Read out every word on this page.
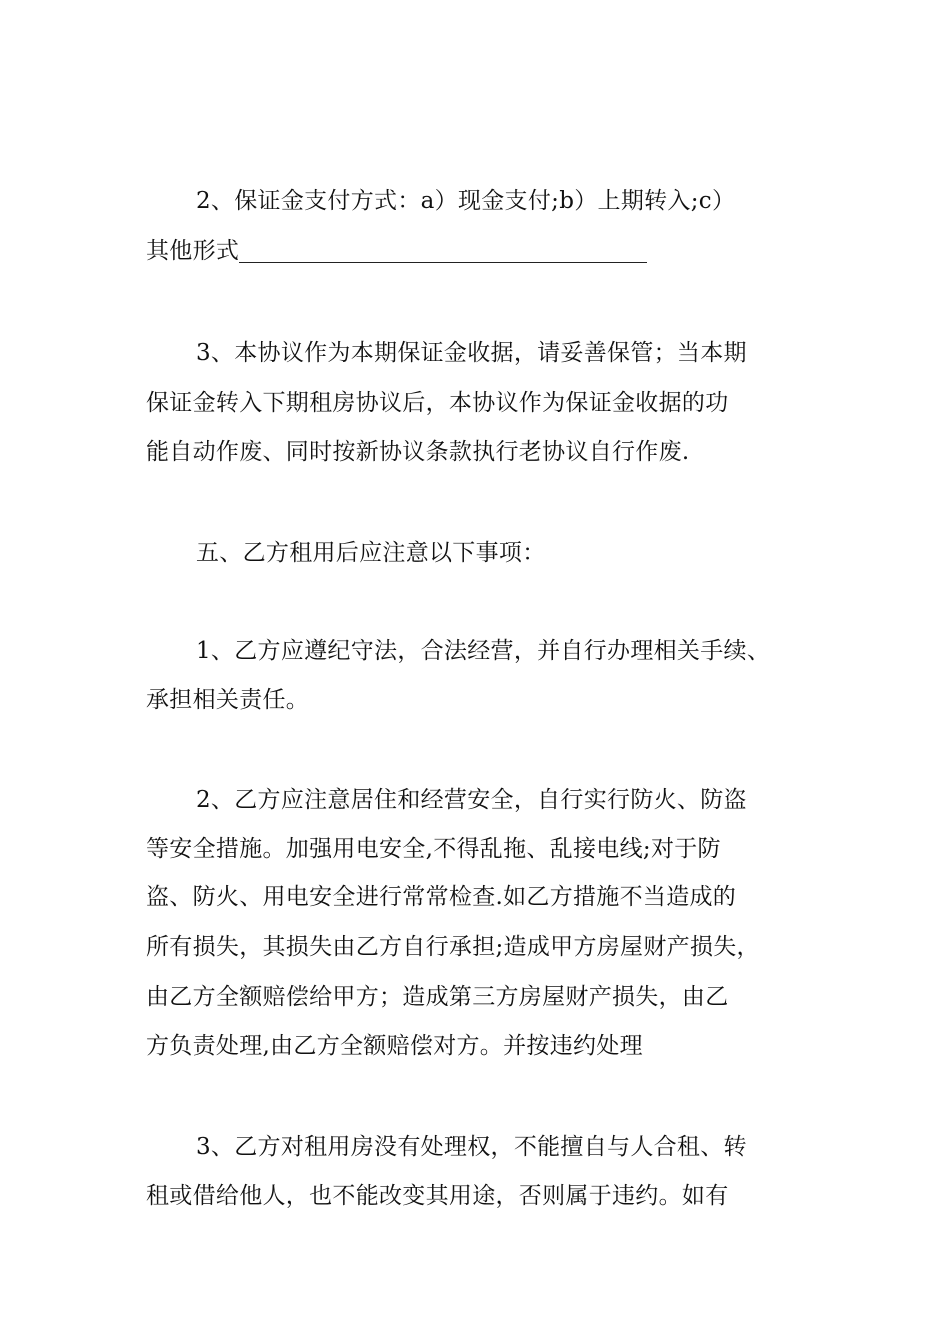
2、保证金支付方式：a）现金支付;b）上期转入;c）
其他形式
3、本协议作为本期保证金收据，请妥善保管；当本期
保证金转入下期租房协议后，本协议作为保证金收据的功
能自动作废、同时按新协议条款执行老协议自行作废.
五、乙方租用后应注意以下事项：
1、乙方应遵纪守法，合法经营，并自行办理相关手续、
承担相关责任。
2、乙方应注意居住和经营安全，自行实行防火、防盗
等安全措施。加强用电安全,不得乱拖、乱接电线;对于防
盗、防火、用电安全进行常常检查.如乙方措施不当造成的
所有损失，其损失由乙方自行承担;造成甲方房屋财产损失，
由乙方全额赔偿给甲方；造成第三方房屋财产损失，由乙
方负责处理,由乙方全额赔偿对方。并按违约处理
3、乙方对租用房没有处理权，不能擅自与人合租、转
租或借给他人，也不能改变其用途，否则属于违约。如有
